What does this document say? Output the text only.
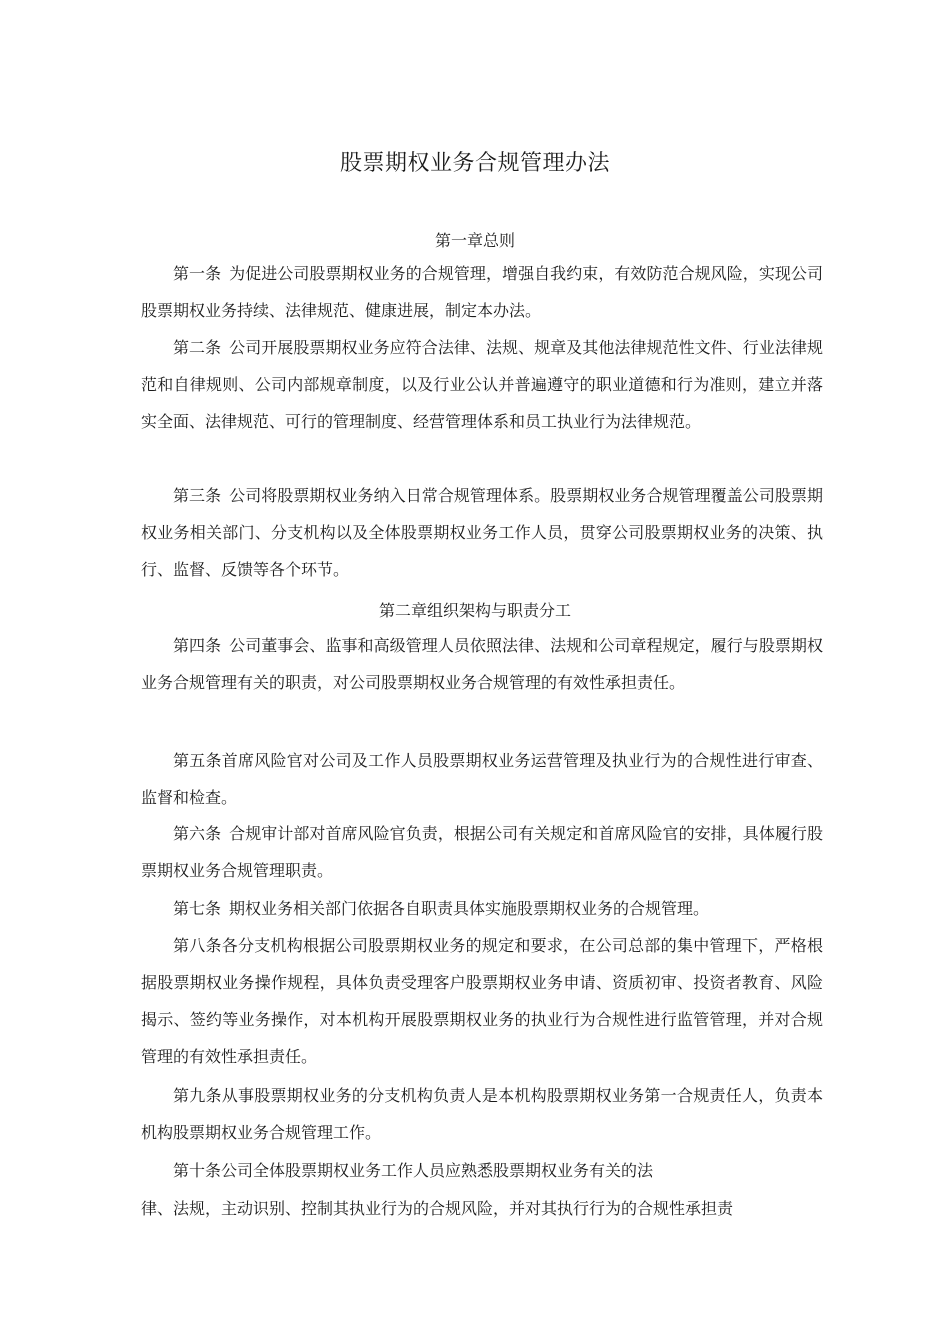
股票期权业务合规管理办法
第一章总则
第一条 为促进公司股票期权业务的合规管理，增强自我约束，有效防范合规风险，实现公司股票期权业务持续、法律规范、健康进展，制定本办法。
第二条 公司开展股票期权业务应符合法律、法规、规章及其他法律规范性文件、行业法律规范和自律规则、公司内部规章制度，以及行业公认并普遍遵守的职业道德和行为准则，建立并落实全面、法律规范、可行的管理制度、经营管理体系和员工执业行为法律规范。
第三条 公司将股票期权业务纳入日常合规管理体系。股票期权业务合规管理覆盖公司股票期权业务相关部门、分支机构以及全体股票期权业务工作人员，贯穿公司股票期权业务的决策、执行、监督、反馈等各个环节。
第二章组织架构与职责分工
第四条 公司董事会、监事和高级管理人员依照法律、法规和公司章程规定，履行与股票期权业务合规管理有关的职责，对公司股票期权业务合规管理的有效性承担责任。
第五条首席风险官对公司及工作人员股票期权业务运营管理及执业行为的合规性进行审查、监督和检查。
第六条 合规审计部对首席风险官负责，根据公司有关规定和首席风险官的安排，具体履行股票期权业务合规管理职责。
第七条 期权业务相关部门依据各自职责具体实施股票期权业务的合规管理。
第八条各分支机构根据公司股票期权业务的规定和要求，在公司总部的集中管理下，严格根据股票期权业务操作规程，具体负责受理客户股票期权业务申请、资质初审、投资者教育、风险揭示、签约等业务操作，对本机构开展股票期权业务的执业行为合规性进行监管管理，并对合规管理的有效性承担责任。
第九条从事股票期权业务的分支机构负责人是本机构股票期权业务第一合规责任人，负责本机构股票期权业务合规管理工作。
第十条公司全体股票期权业务工作人员应熟悉股票期权业务有关的法
律、法规，主动识别、控制其执业行为的合规风险，并对其执行行为的合规性承担责
